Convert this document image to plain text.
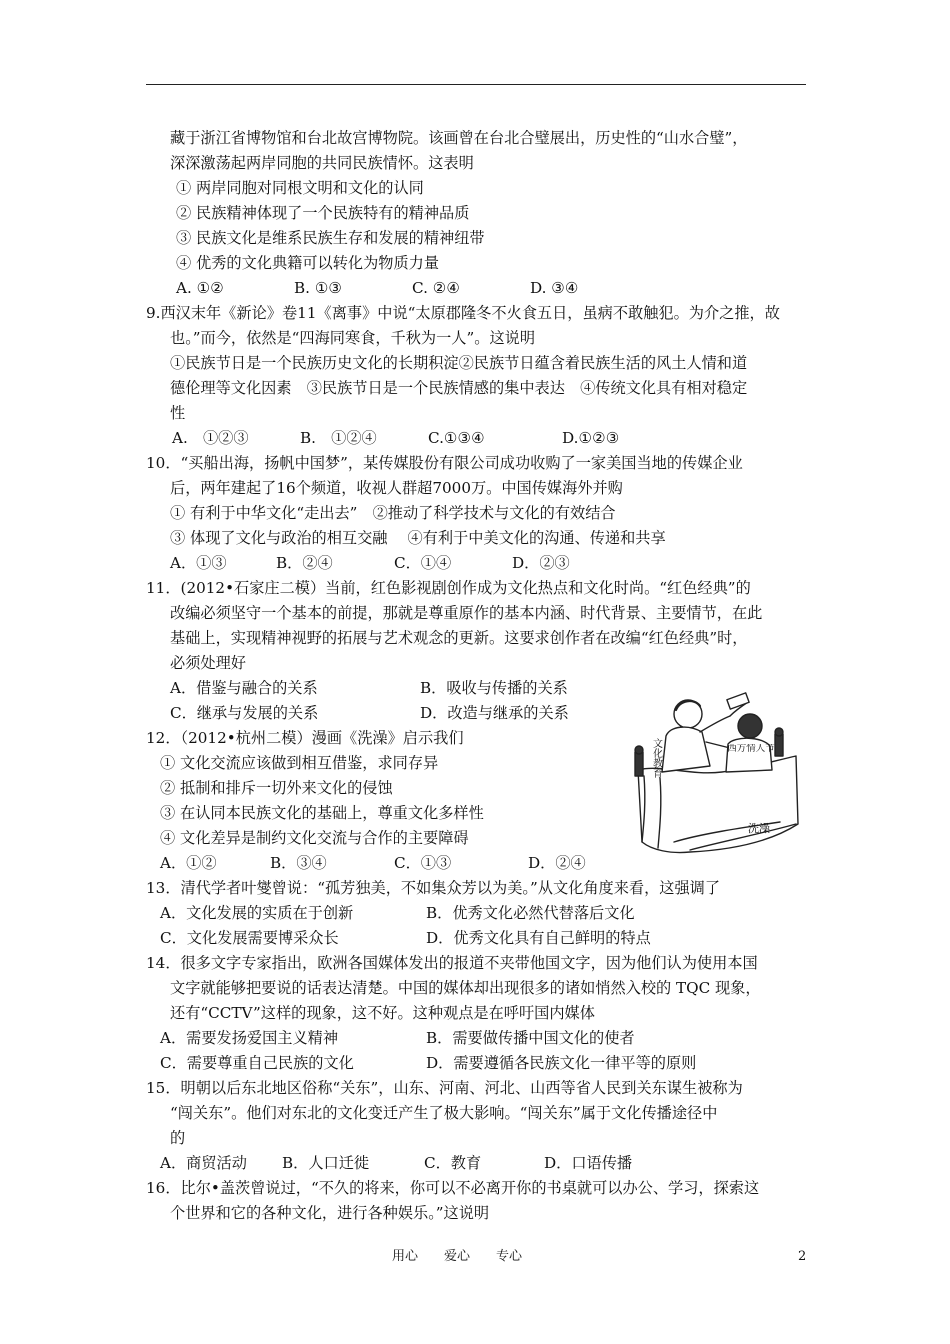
藏于浙江省博物馆和台北故宫博物院。该画曾在台北合璧展出，历史性的“山水合璧”，
深深激荡起两岸同胞的共同民族情怀。这表明
① 两岸同胞对同根文明和文化的认同
② 民族精神体现了一个民族特有的精神品质
③ 民族文化是维系民族生存和发展的精神纽带
④ 优秀的文化典籍可以转化为物质力量
A. ①②	B. ①③	C. ②④	D. ③④
9.西汉末年《新论》卷11《离事》中说“太原郡隆冬不火食五日，虽病不敢触犯。为介之推，故
也。”而今，依然是“四海同寒食，千秋为一人”。这说明
①民族节日是一个民族历史文化的长期积淀②民族节日蕴含着民族生活的风土人情和道
德伦理等文化因素　③民族节日是一个民族情感的集中表达　④传统文化具有相对稳定
性
A.　①②③	B.　①②④	C.①③④	D.①②③
10．“买船出海，扬帆中国梦”，某传媒股份有限公司成功收购了一家美国当地的传媒企业
后，两年建起了16个频道，收视人群超7000万。中国传媒海外并购
① 有利于中华文化“走出去”　②推动了科学技术与文化的有效结合
③ 体现了文化与政治的相互交融　 ④有利于中美文化的沟通、传递和共享
A．①③	B．②④	C．①④	D．②③
11．(2012•石家庄二模）当前，红色影视剧创作成为文化热点和文化时尚。“红色经典”的
改编必须坚守一个基本的前提，那就是尊重原作的基本内涵、时代背景、主要情节，在此
基础上，实现精神视野的拓展与艺术观念的更新。这要求创作者在改编“红色经典”时，
必须处理好
A．借鉴与融合的关系	B．吸收与传播的关系
C．继承与发展的关系	D．改造与继承的关系
12．（2012•杭州二模）漫画《洗澡》启示我们
① 文化交流应该做到相互借鉴，求同存异
② 抵制和排斥一切外来文化的侵蚀
③ 在认同本民族文化的基础上，尊重文化多样性
④ 文化差异是制约文化交流与合作的主要障碍
A．①②	B．③④	C．①③	D．②④
文化教育	西方情人节
洗澡
13．清代学者叶燮曾说：“孤芳独美，不如集众芳以为美。”从文化角度来看，这强调了
A．文化发展的实质在于创新	B．优秀文化必然代替落后文化
C．文化发展需要博采众长	D．优秀文化具有自己鲜明的特点
14．很多文字专家指出，欧洲各国媒体发出的报道不夹带他国文字，因为他们认为使用本国
文字就能够把要说的话表达清楚。中国的媒体却出现很多的诸如悄然入校的 TQC 现象，
还有“CCTV”这样的现象，这不好。这种观点是在呼吁国内媒体
A．需要发扬爱国主义精神	B．需要做传播中国文化的使者
C．需要尊重自己民族的文化	D．需要遵循各民族文化一律平等的原则
15．明朝以后东北地区俗称“关东”，山东、河南、河北、山西等省人民到关东谋生被称为
“闯关东”。他们对东北的文化变迁产生了极大影响。“闯关东”属于文化传播途径中
的
A．商贸活动 B．人口迁徙	C．教育	D．口语传播
16．比尔•盖茨曾说过，“不久的将来，你可以不必离开你的书桌就可以办公、学习，探索这
个世界和它的各种文化，进行各种娱乐。”这说明
用心　　爱心　　专心	2
